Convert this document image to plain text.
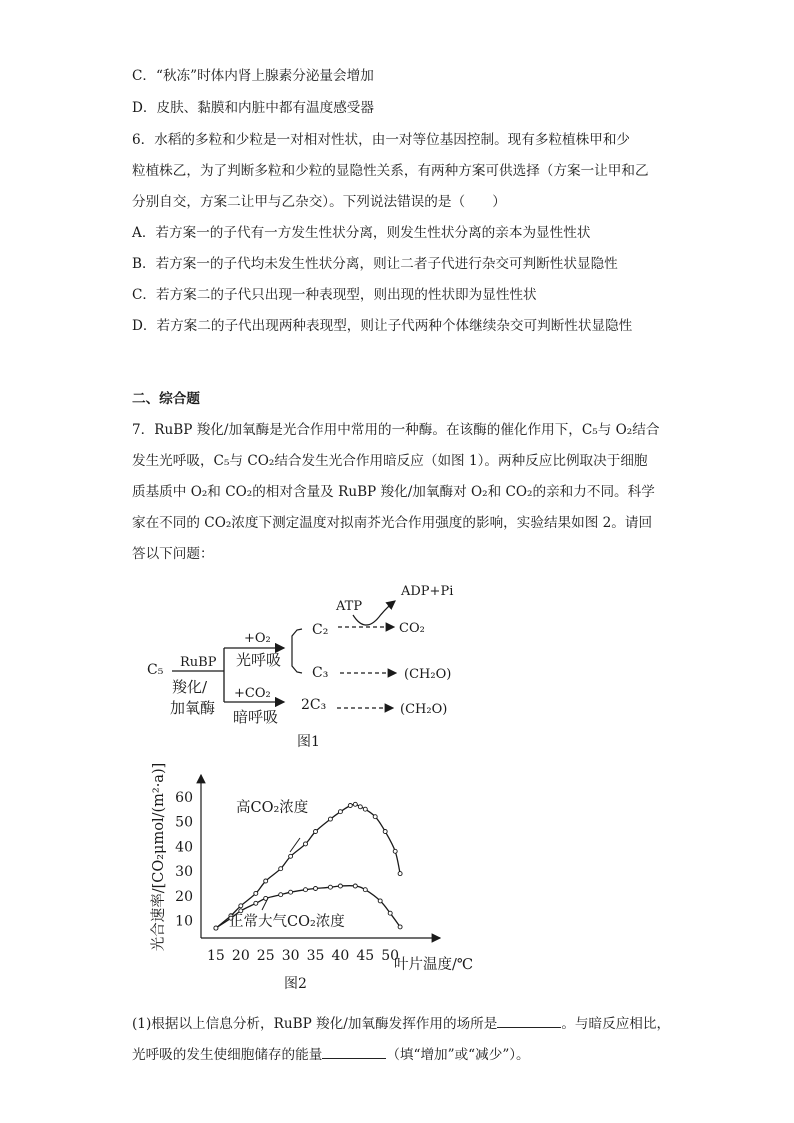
C．“秋冻”时体内肾上腺素分泌量会增加
D．皮肤、黏膜和内脏中都有温度感受器
6．水稻的多粒和少粒是一对相对性状，由一对等位基因控制。现有多粒植株甲和少
粒植株乙，为了判断多粒和少粒的显隐性关系，有两种方案可供选择（方案一让甲和乙
分别自交，方案二让甲与乙杂交）。下列说法错误的是（　　）
A．若方案一的子代有一方发生性状分离，则发生性状分离的亲本为显性性状
B．若方案一的子代均未发生性状分离，则让二者子代进行杂交可判断性状显隐性
C．若方案二的子代只出现一种表现型，则出现的性状即为显性性状
D．若方案二的子代出现两种表现型，则让子代两种个体继续杂交可判断性状显隐性
二、综合题
7．RuBP 羧化/加氧酶是光合作用中常用的一种酶。在该酶的催化作用下，C₅与 O₂结合
发生光呼吸，C₅与 CO₂结合发生光合作用暗反应（如图 1）。两种反应比例取决于细胞
质基质中 O₂和 CO₂的相对含量及 RuBP 羧化/加氧酶对 O₂和 CO₂的亲和力不同。科学
家在不同的 CO₂浓度下测定温度对拟南芥光合作用强度的影响，实验结果如图 2。请回
答以下问题：
C₅ RuBP
羧化/
加氧酶
+O₂
光呼吸
+CO₂
暗呼吸
C₂
C₃
2C₃
ATP
ADP+Pi
CO₂
(CH₂O)
(CH₂O)
图1
10
20
30
40
50
60
15 20 25 30 35 40 45 50
高CO₂浓度
正常大气CO₂浓度
光合速率/[CO₂μmol/(m²·a)]
叶片温度/℃
图2
(1)根据以上信息分析，RuBP 羧化/加氧酶发挥作用的场所是	。与暗反应相比，
光呼吸的发生使细胞储存的能量	（填“增加”或“减少”）。
